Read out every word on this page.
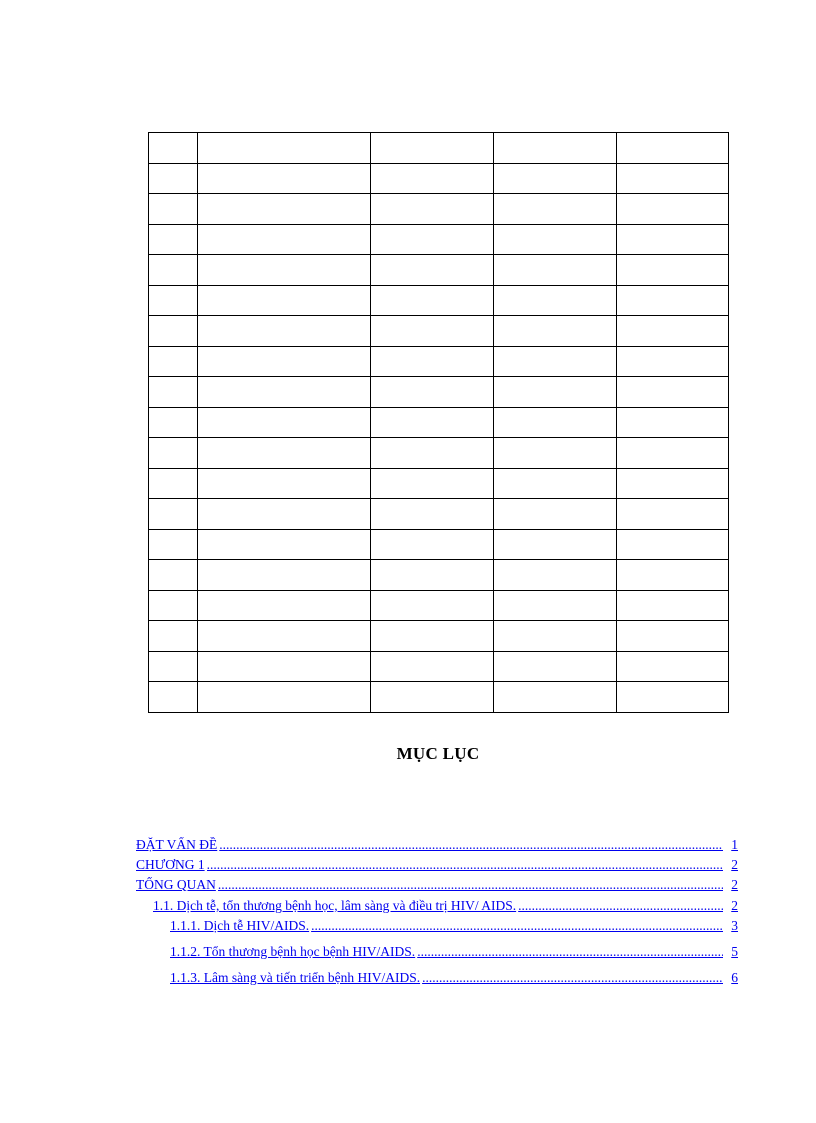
MỤC LỤC
ĐẶT VẤN ĐỀ .....	1
CHƯƠNG 1 .....	2
TỔNG QUAN .....	2
1.1. Dịch tễ, tổn thương bệnh học, lâm sàng và điều trị HIV/ AIDS. .....	2
1.1.1. Dịch tễ HIV/AIDS. .....	3
1.1.2. Tổn thương bệnh học bệnh HIV/AIDS. .....	5
1.1.3. Lâm sàng và tiến triển bệnh HIV/AIDS. .....	6
